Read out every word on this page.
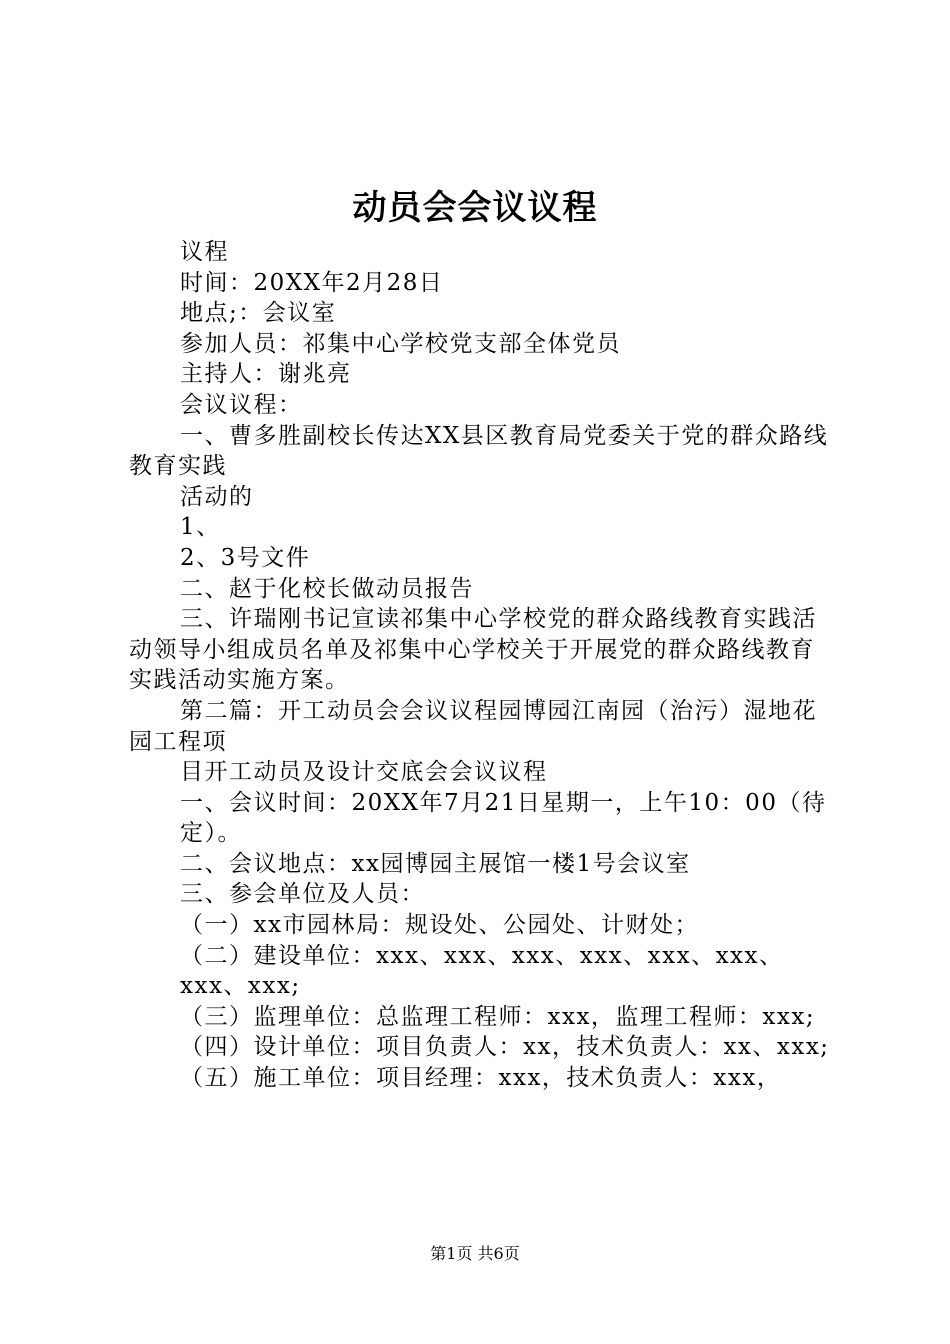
动员会会议议程

议程

时间：20XX年2月28日

地点;：会议室

参加人员：祁集中心学校党支部全体党员

主持人：谢兆亮

会议议程：

一、曹多胜副校长传达XX县区教育局党委关于党的群众路线教育实践

活动的

1、

2、3号文件

二、赵于化校长做动员报告

三、许瑞刚书记宣读祁集中心学校党的群众路线教育实践活动领导小组成员名单及祁集中心学校关于开展党的群众路线教育实践活动实施方案。

第二篇：开工动员会会议议程园博园江南园（治污）湿地花园工程项

目开工动员及设计交底会会议议程

一、会议时间：20XX年7月21日星期一，上午10：00（待

定）。

二、会议地点：xx园博园主展馆一楼1号会议室

三、参会单位及人员：

（一）xx市园林局：规设处、公园处、计财处；

（二）建设单位：xxx、xxx、xxx、xxx、xxx、xxx、xxx、xxx;

（三）监理单位：总监理工程师：xxx，监理工程师：xxx;

（四）设计单位：项目负责人：xx，技术负责人：xx、xxx;

（五）施工单位：项目经理：xxx，技术负责人：xxx，

第1页 共6页
